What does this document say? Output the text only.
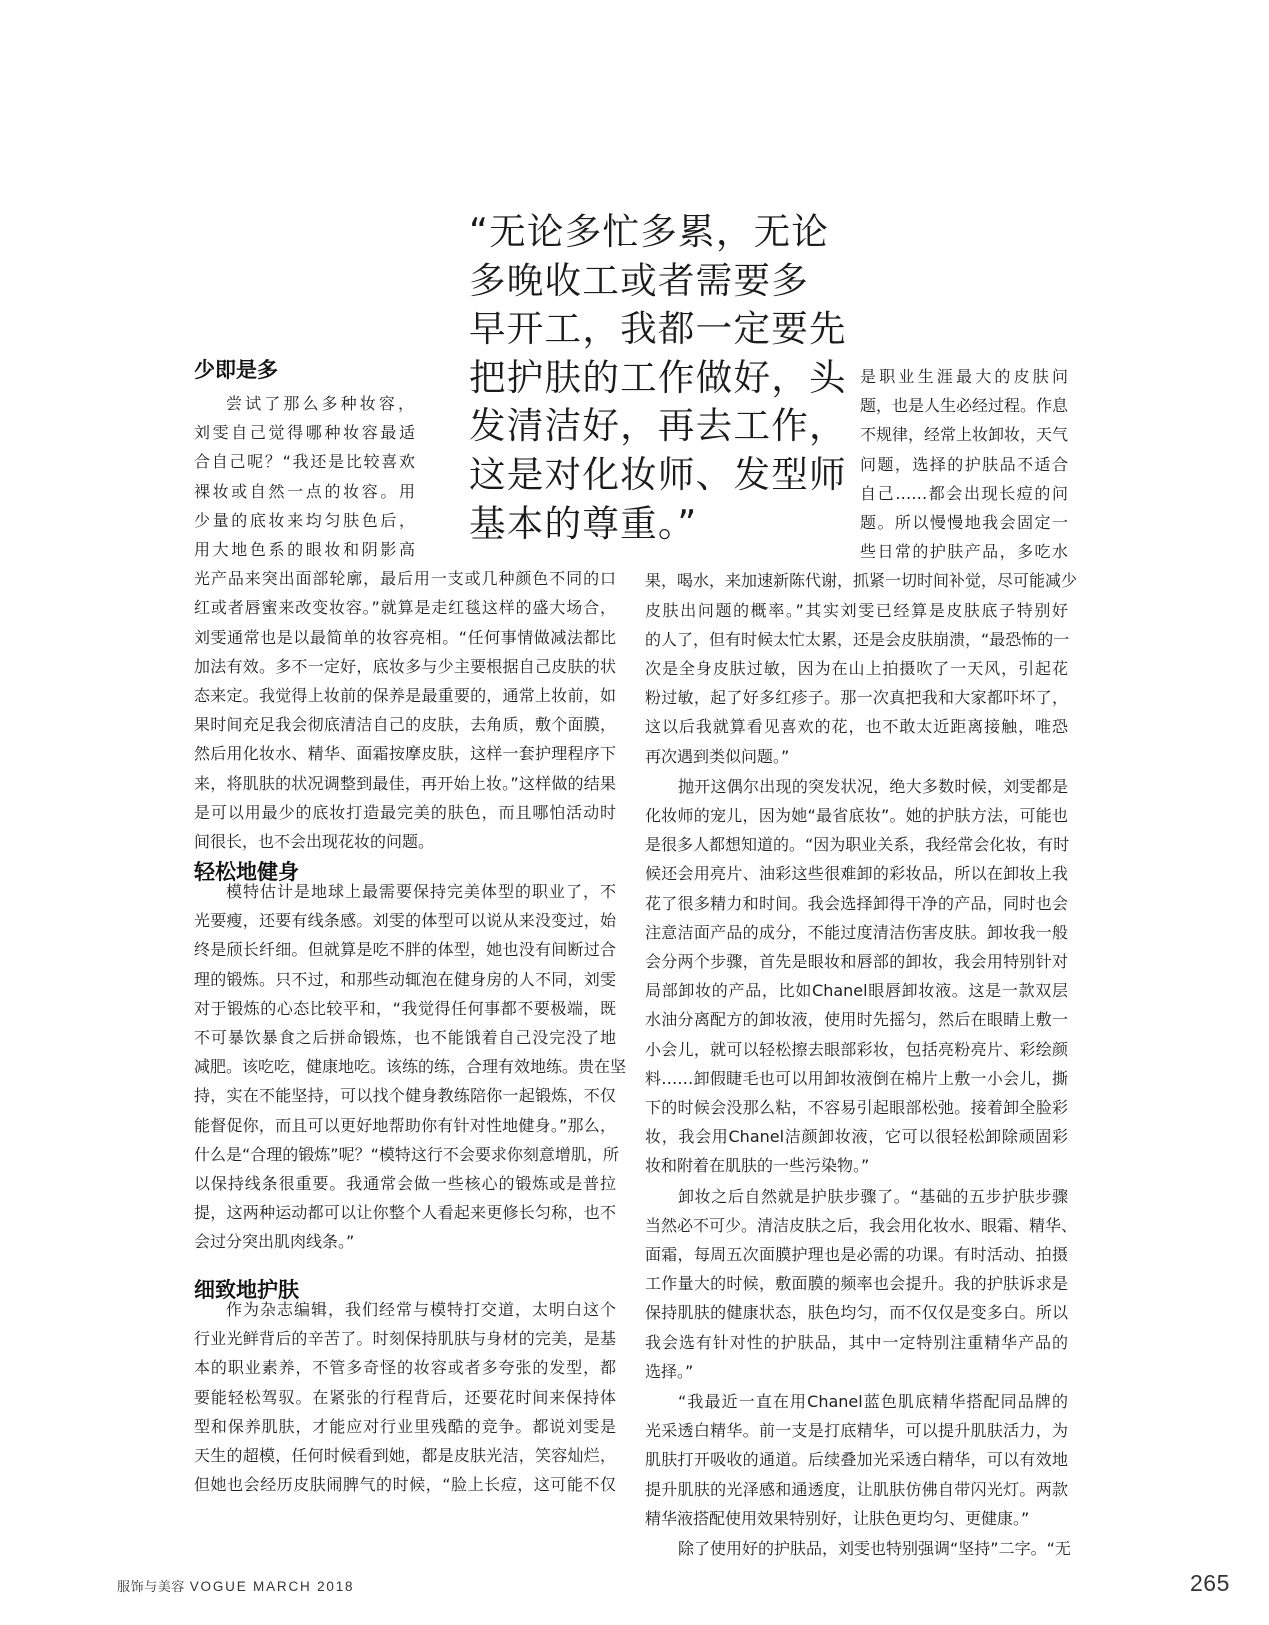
“无论多忙多累，无论
多晚收工或者需要多
早开工，我都一定要先
把护肤的工作做好，头
发清洁好，再去工作，
这是对化妆师、发型师
基本的尊重。”
少即是多
轻松地健身
细致地护肤
尝试了那么多种妆容，
刘雯自己觉得哪种妆容最适
合自己呢？“我还是比较喜欢
裸妆或自然一点的妆容。用
少量的底妆来均匀肤色后，
用大地色系的眼妆和阴影高
光产品来突出面部轮廓，最后用一支或几种颜色不同的口
红或者唇蜜来改变妆容。”就算是走红毯这样的盛大场合，
刘雯通常也是以最简单的妆容亮相。“任何事情做减法都比
加法有效。多不一定好，底妆多与少主要根据自己皮肤的状
态来定。我觉得上妆前的保养是最重要的，通常上妆前，如
果时间充足我会彻底清洁自己的皮肤，去角质，敷个面膜，
然后用化妆水、精华、面霜按摩皮肤，这样一套护理程序下
来，将肌肤的状况调整到最佳，再开始上妆。”这样做的结果
是可以用最少的底妆打造最完美的肤色，而且哪怕活动时
间很长，也不会出现花妆的问题。
模特估计是地球上最需要保持完美体型的职业了，不
光要瘦，还要有线条感。刘雯的体型可以说从来没变过，始
终是颀长纤细。但就算是吃不胖的体型，她也没有间断过合
理的锻炼。只不过，和那些动辄泡在健身房的人不同，刘雯
对于锻炼的心态比较平和，“我觉得任何事都不要极端，既
不可暴饮暴食之后拼命锻炼，也不能饿着自己没完没了地
减肥。该吃吃，健康地吃。该练的练，合理有效地练。贵在坚
持，实在不能坚持，可以找个健身教练陪你一起锻炼，不仅
能督促你，而且可以更好地帮助你有针对性地健身。”那么，
什么是“合理的锻炼”呢？“模特这行不会要求你刻意增肌，所
以保持线条很重要。我通常会做一些核心的锻炼或是普拉
提，这两种运动都可以让你整个人看起来更修长匀称，也不
会过分突出肌肉线条。”
作为杂志编辑，我们经常与模特打交道，太明白这个
行业光鲜背后的辛苦了。时刻保持肌肤与身材的完美，是基
本的职业素养，不管多奇怪的妆容或者多夸张的发型，都
要能轻松驾驭。在紧张的行程背后，还要花时间来保持体
型和保养肌肤，才能应对行业里残酷的竞争。都说刘雯是
天生的超模，任何时候看到她，都是皮肤光洁，笑容灿烂，
但她也会经历皮肤闹脾气的时候，“脸上长痘，这可能不仅
是职业生涯最大的皮肤问
题，也是人生必经过程。作息
不规律，经常上妆卸妆，天气
问题，选择的护肤品不适合
自己……都会出现长痘的问
题。所以慢慢地我会固定一
些日常的护肤产品，多吃水
果，喝水，来加速新陈代谢，抓紧一切时间补觉，尽可能减少
皮肤出问题的概率。”其实刘雯已经算是皮肤底子特别好
的人了，但有时候太忙太累，还是会皮肤崩溃，“最恐怖的一
次是全身皮肤过敏，因为在山上拍摄吹了一天风，引起花
粉过敏，起了好多红疹子。那一次真把我和大家都吓坏了，
这以后我就算看见喜欢的花，也不敢太近距离接触，唯恐
再次遇到类似问题。”
抛开这偶尔出现的突发状况，绝大多数时候，刘雯都是
化妆师的宠儿，因为她“最省底妆”。她的护肤方法，可能也
是很多人都想知道的。“因为职业关系，我经常会化妆，有时
候还会用亮片、油彩这些很难卸的彩妆品，所以在卸妆上我
花了很多精力和时间。我会选择卸得干净的产品，同时也会
注意洁面产品的成分，不能过度清洁伤害皮肤。卸妆我一般
会分两个步骤，首先是眼妆和唇部的卸妆，我会用特别针对
局部卸妆的产品，比如Chanel眼唇卸妆液。这是一款双层
水油分离配方的卸妆液，使用时先摇匀，然后在眼睛上敷一
小会儿，就可以轻松擦去眼部彩妆，包括亮粉亮片、彩绘颜
料……卸假睫毛也可以用卸妆液倒在棉片上敷一小会儿，撕
下的时候会没那么粘，不容易引起眼部松弛。接着卸全脸彩
妆，我会用Chanel洁颜卸妆液，它可以很轻松卸除顽固彩
妆和附着在肌肤的一些污染物。”
卸妆之后自然就是护肤步骤了。“基础的五步护肤步骤
当然必不可少。清洁皮肤之后，我会用化妆水、眼霜、精华、
面霜，每周五次面膜护理也是必需的功课。有时活动、拍摄
工作量大的时候，敷面膜的频率也会提升。我的护肤诉求是
保持肌肤的健康状态，肤色均匀，而不仅仅是变多白。所以
我会选有针对性的护肤品，其中一定特别注重精华产品的
选择。”
“我最近一直在用Chanel蓝色肌底精华搭配同品牌的
光采透白精华。前一支是打底精华，可以提升肌肤活力，为
肌肤打开吸收的通道。后续叠加光采透白精华，可以有效地
提升肌肤的光泽感和通透度，让肌肤仿佛自带闪光灯。两款
精华液搭配使用效果特别好，让肤色更均匀、更健康。”
除了使用好的护肤品，刘雯也特别强调“坚持”二字。“无
服饰与美容 VOGUE MARCH 2018	265
